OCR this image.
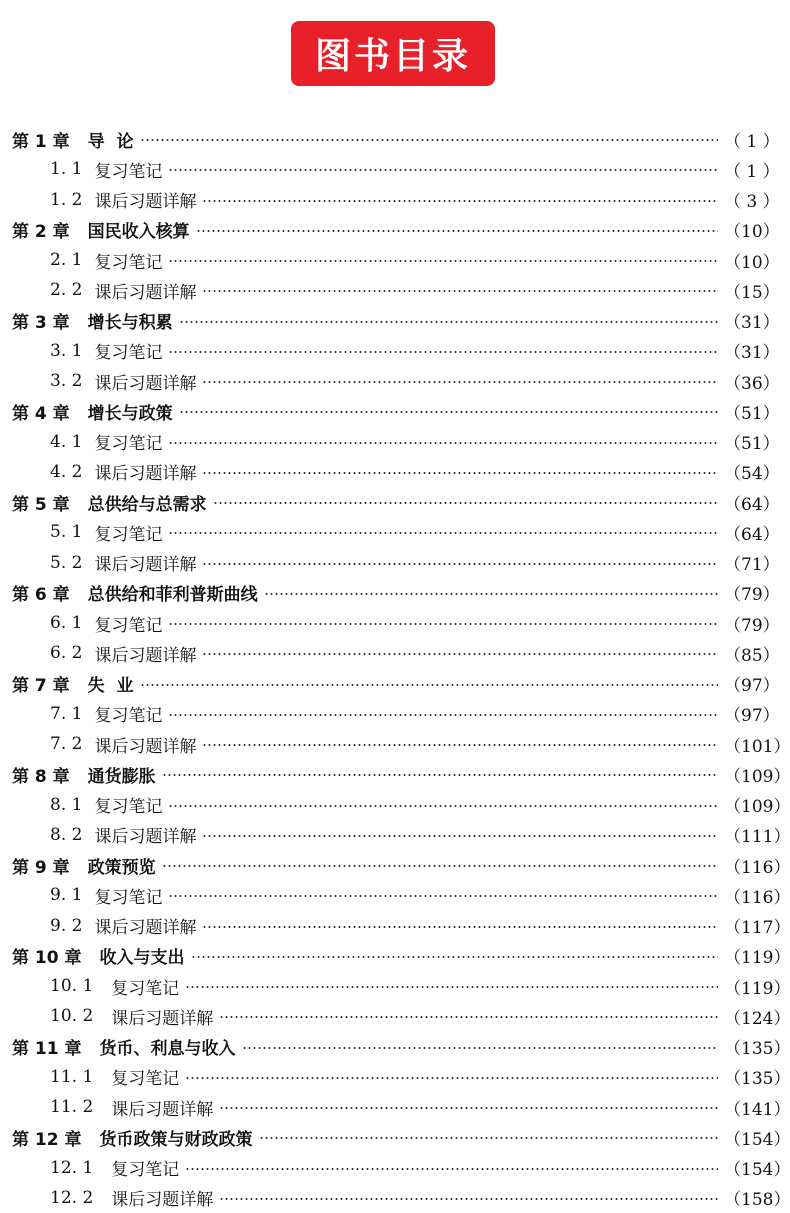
图书目录
第 1 章 导  论	（ 1 ）
1. 1 复习笔记	（ 1 ）
1. 2 课后习题详解	（ 3 ）
第 2 章 国民收入核算	（10）
2. 1 复习笔记	（10）
2. 2 课后习题详解	（15）
第 3 章 增长与积累	（31）
3. 1 复习笔记	（31）
3. 2 课后习题详解	（36）
第 4 章 增长与政策	（51）
4. 1 复习笔记	（51）
4. 2 课后习题详解	（54）
第 5 章 总供给与总需求	（64）
5. 1 复习笔记	（64）
5. 2 课后习题详解	（71）
第 6 章 总供给和菲利普斯曲线	（79）
6. 1 复习笔记	（79）
6. 2 课后习题详解	（85）
第 7 章 失  业	（97）
7. 1 复习笔记	（97）
7. 2 课后习题详解	（101）
第 8 章 通货膨胀	（109）
8. 1 复习笔记	（109）
8. 2 课后习题详解	（111）
第 9 章 政策预览	（116）
9. 1 复习笔记	（116）
9. 2 课后习题详解	（117）
第 10 章 收入与支出	（119）
10. 1 复习笔记	（119）
10. 2 课后习题详解	（124）
第 11 章 货币、利息与收入	（135）
11. 1 复习笔记	（135）
11. 2 课后习题详解	（141）
第 12 章 货币政策与财政政策	（154）
12. 1 复习笔记	（154）
12. 2 课后习题详解	（158）
